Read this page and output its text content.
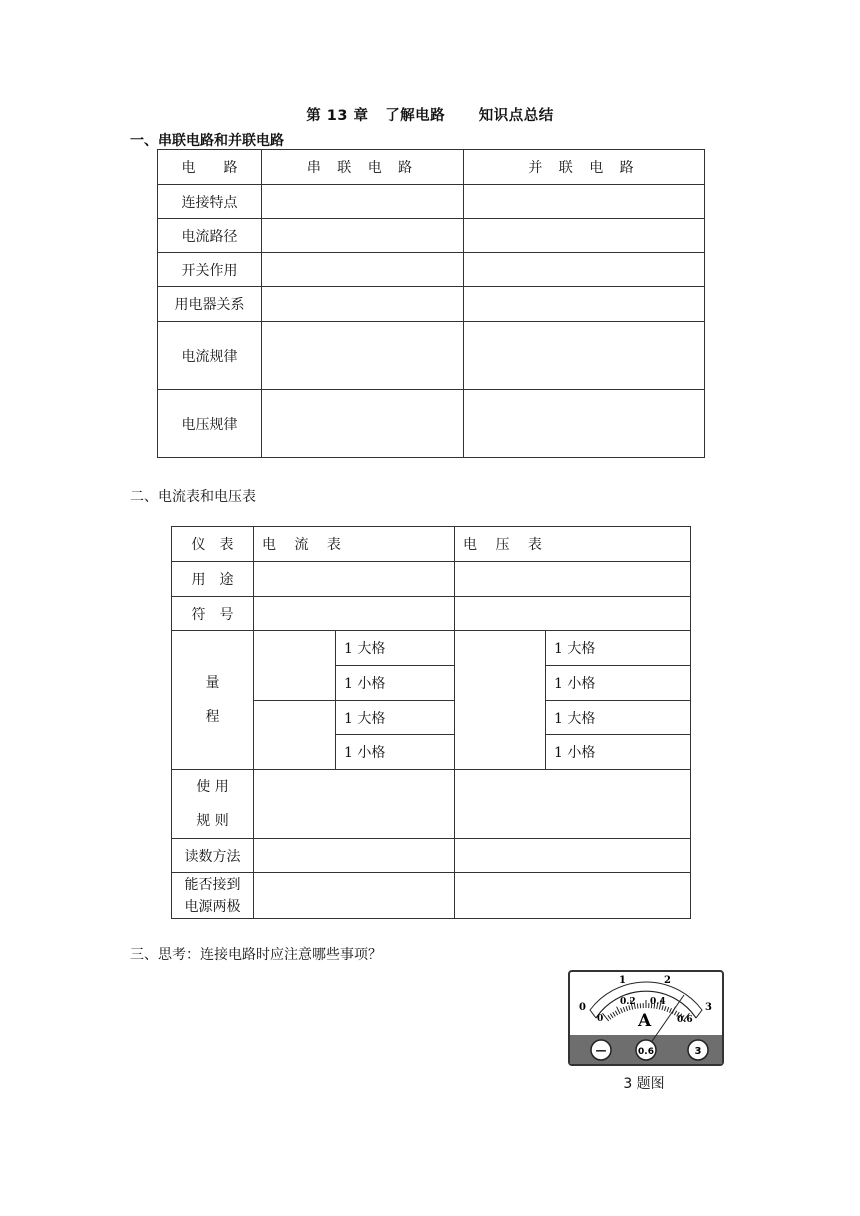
第 13 章 了解电路 知识点总结
一、串联电路和并联电路
电　　路	串 联 电 路	并 联 电 路
连接特点		
电流路径		
开关作用		
用电器关系		
电流规律		
电压规律		
二、电流表和电压表
仪　表	电　 流　 表		电　 压　 表	
用　途				
符　号				

量
程		1 大格		1 大格
		1 小格		1 小格
		1 大格		1 大格
		1 小格		1 小格

使 用
规 则				

读数方法				

能否接到
电源两极				

三、思考：连接电路时应注意哪些事项？
0
1	2
3
0
0.2 0.4
0.6
A
—	0.6	3
3 题图
